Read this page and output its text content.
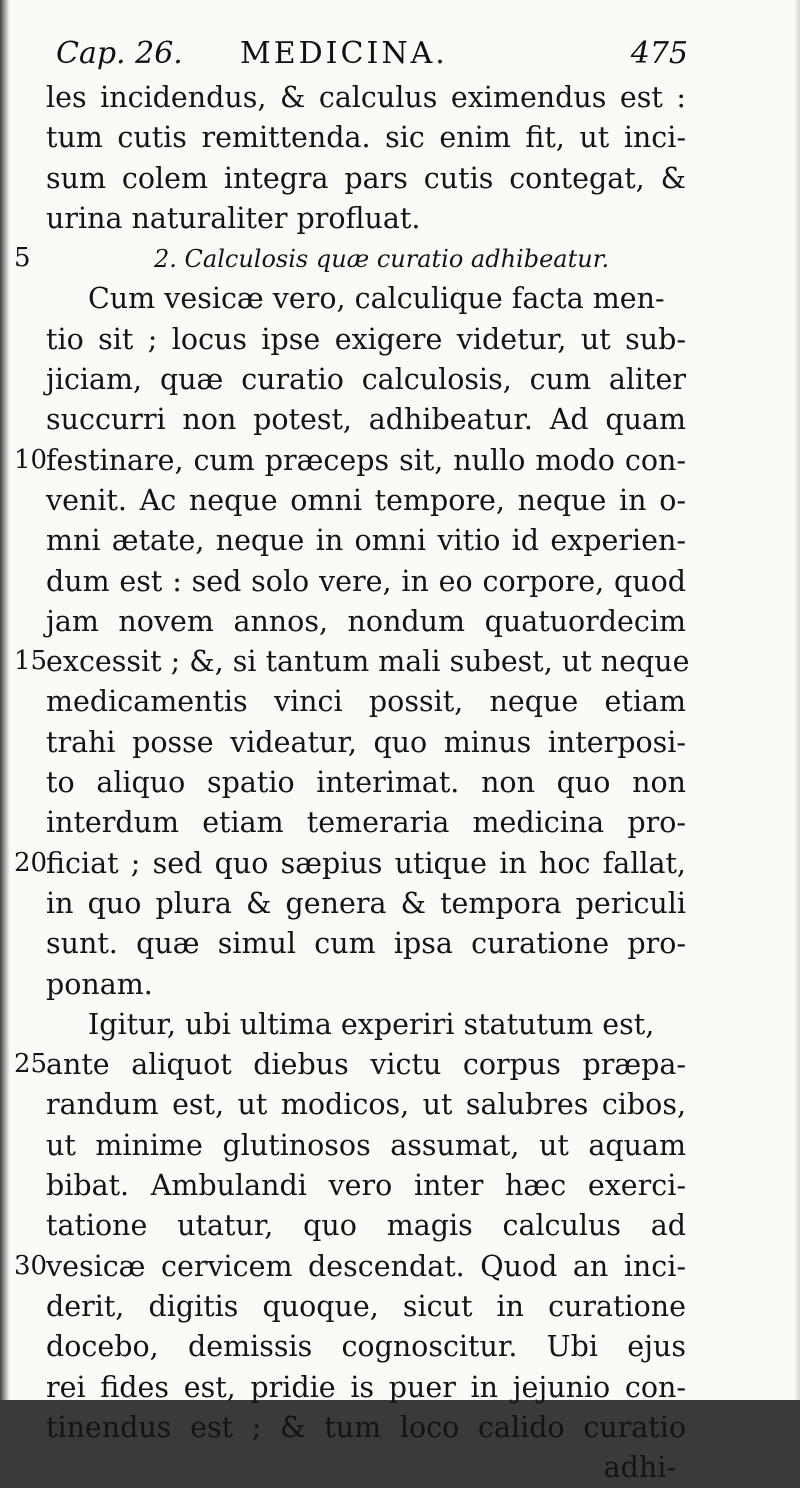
Cap. 26. MEDICINA.	475
les incidendus, & calculus eximendus est :
tum cutis remittenda. sic enim fit, ut inci-
sum colem integra pars cutis contegat, &
urina naturaliter profluat.
2. Calculosis quæ curatio adhibeatur.
Cum vesicæ vero, calculique facta men-
tio sit ; locus ipse exigere videtur, ut sub-
jiciam, quæ curatio calculosis, cum aliter
succurri non potest, adhibeatur. Ad quam
festinare, cum præceps sit, nullo modo con-
venit. Ac neque omni tempore, neque in o-
mni ætate, neque in omni vitio id experien-
dum est : sed solo vere, in eo corpore, quod
jam novem annos, nondum quatuordecim
excessit ; &, si tantum mali subest, ut neque
medicamentis vinci possit, neque etiam
trahi posse videatur, quo minus interposi-
to aliquo spatio interimat. non quo non
interdum etiam temeraria medicina pro-
ficiat ; sed quo sæpius utique in hoc fallat,
in quo plura & genera & tempora periculi
sunt. quæ simul cum ipsa curatione pro-
ponam.
Igitur, ubi ultima experiri statutum est,
ante aliquot diebus victu corpus præpa-
randum est, ut modicos, ut salubres cibos,
ut minime glutinosos assumat, ut aquam
bibat. Ambulandi vero inter hæc exerci-
tatione utatur, quo magis calculus ad
vesicæ cervicem descendat. Quod an inci-
derit, digitis quoque, sicut in curatione
docebo, demissis cognoscitur. Ubi ejus
rei fides est, pridie is puer in jejunio con-
tinendus est ; & tum loco calido curatio
adhi-
5
10
15
20
25
30
